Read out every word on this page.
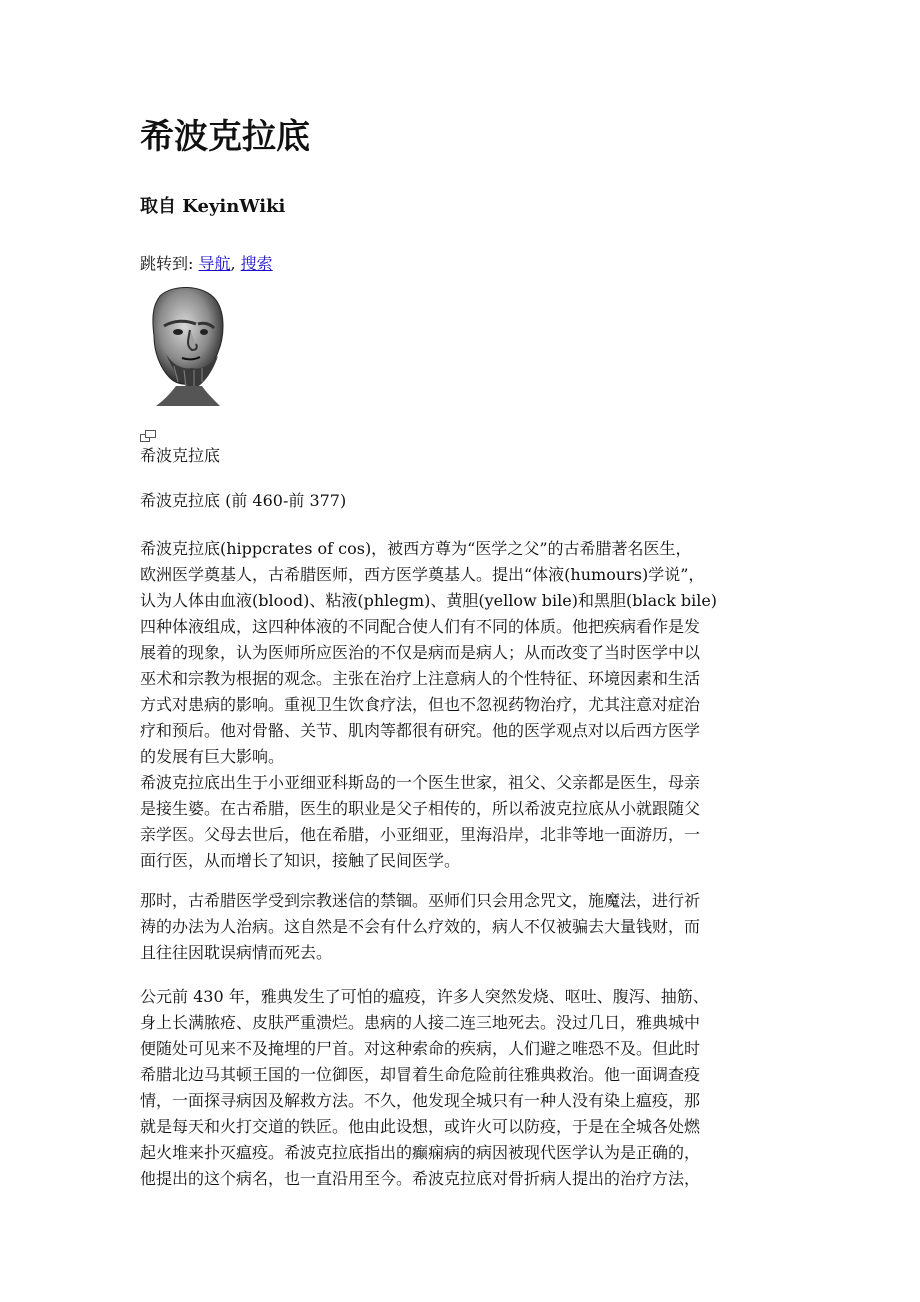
希波克拉底
取自 KeyinWiki
跳转到: 导航, 搜索
希波克拉底
希波克拉底 (前 460-前 377)

希波克拉底(hippcrates of cos)，被西方尊为“医学之父”的古希腊著名医生，
欧洲医学奠基人，古希腊医师，西方医学奠基人。提出“体液(humours)学说”，
认为人体由血液(blood)、粘液(phlegm)、黄胆(yellow bile)和黑胆(black bile)
四种体液组成，这四种体液的不同配合使人们有不同的体质。他把疾病看作是发
展着的现象，认为医师所应医治的不仅是病而是病人；从而改变了当时医学中以
巫术和宗教为根据的观念。主张在治疗上注意病人的个性特征、环境因素和生活
方式对患病的影响。重视卫生饮食疗法，但也不忽视药物治疗，尤其注意对症治
疗和预后。他对骨骼、关节、肌肉等都很有研究。他的医学观点对以后西方医学
的发展有巨大影响。

希波克拉底出生于小亚细亚科斯岛的一个医生世家，祖父、父亲都是医生，母亲
是接生婆。在古希腊，医生的职业是父子相传的，所以希波克拉底从小就跟随父
亲学医。父母去世后，他在希腊，小亚细亚，里海沿岸，北非等地一面游历，一
面行医，从而增长了知识，接触了民间医学。

那时，古希腊医学受到宗教迷信的禁锢。巫师们只会用念咒文，施魔法，进行祈
祷的办法为人治病。这自然是不会有什么疗效的，病人不仅被骗去大量钱财，而
且往往因耽误病情而死去。

公元前 430 年，雅典发生了可怕的瘟疫，许多人突然发烧、呕吐、腹泻、抽筋、
身上长满脓疮、皮肤严重溃烂。患病的人接二连三地死去。没过几日，雅典城中
便随处可见来不及掩埋的尸首。对这种索命的疾病，人们避之唯恐不及。但此时
希腊北边马其顿王国的一位御医，却冒着生命危险前往雅典救治。他一面调查疫
情，一面探寻病因及解救方法。不久，他发现全城只有一种人没有染上瘟疫，那
就是每天和火打交道的铁匠。他由此设想，或许火可以防疫，于是在全城各处燃
起火堆来扑灭瘟疫。希波克拉底指出的癫痫病的病因被现代医学认为是正确的，
他提出的这个病名，也一直沿用至今。希波克拉底对骨折病人提出的治疗方法，
